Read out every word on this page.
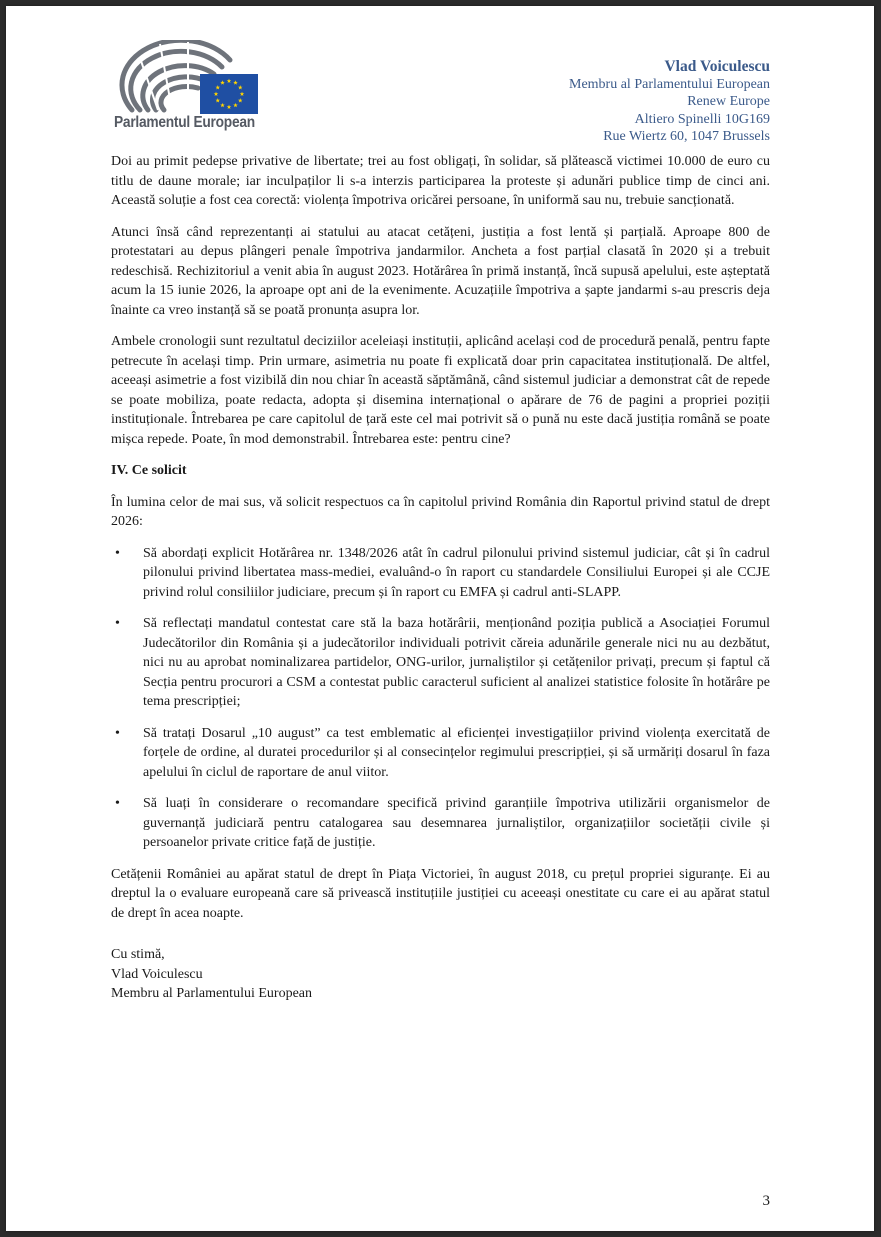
Parlamentul European
Vlad Voiculescu
Membru al Parlamentului European
Renew Europe
Altiero Spinelli 10G169
Rue Wiertz 60, 1047 Brussels

Doi au primit pedepse privative de libertate; trei au fost obligați, în solidar, să plătească victimei 10.000 de euro cu titlu de daune morale; iar inculpaților li s-a interzis participarea la proteste și adunări publice timp de cinci ani. Această soluție a fost cea corectă: violența împotriva oricărei persoane, în uniformă sau nu, trebuie sancționată.

Atunci însă când reprezentanți ai statului au atacat cetățeni, justiția a fost lentă și parțială. Aproape 800 de protestatari au depus plângeri penale împotriva jandarmilor. Ancheta a fost parțial clasată în 2020 și a trebuit redeschisă. Rechizitoriul a venit abia în august 2023. Hotărârea în primă instanță, încă supusă apelului, este așteptată acum la 15 iunie 2026, la aproape opt ani de la evenimente. Acuzațiile împotriva a șapte jandarmi s-au prescris deja înainte ca vreo instanță să se poată pronunța asupra lor.

Ambele cronologii sunt rezultatul deciziilor aceleiași instituții, aplicând același cod de procedură penală, pentru fapte petrecute în același timp. Prin urmare, asimetria nu poate fi explicată doar prin capacitatea instituțională. De altfel, aceeași asimetrie a fost vizibilă din nou chiar în această săptămână, când sistemul judiciar a demonstrat cât de repede se poate mobiliza, poate redacta, adopta și disemina internațional o apărare de 76 de pagini a propriei poziții instituționale. Întrebarea pe care capitolul de țară este cel mai potrivit să o pună nu este dacă justiția română se poate mișca repede. Poate, în mod demonstrabil. Întrebarea este: pentru cine?

IV. Ce solicit

În lumina celor de mai sus, vă solicit respectuos ca în capitolul privind România din Raportul privind statul de drept 2026:

• Să abordați explicit Hotărârea nr. 1348/2026 atât în cadrul pilonului privind sistemul judiciar, cât și în cadrul pilonului privind libertatea mass-mediei, evaluând-o în raport cu standardele Consiliului Europei și ale CCJE privind rolul consiliilor judiciare, precum și în raport cu EMFA și cadrul anti-SLAPP.
• Să reflectați mandatul contestat care stă la baza hotărârii, menționând poziția publică a Asociației Forumul Judecătorilor din România și a judecătorilor individuali potrivit căreia adunările generale nici nu au dezbătut, nici nu au aprobat nominalizarea partidelor, ONG-urilor, jurnaliștilor și cetățenilor privați, precum și faptul că Secția pentru procurori a CSM a contestat public caracterul suficient al analizei statistice folosite în hotărâre pe tema prescripției;
• Să tratați Dosarul „10 august” ca test emblematic al eficienței investigațiilor privind violența exercitată de forțele de ordine, al duratei procedurilor și al consecințelor regimului prescripției, și să urmăriți dosarul în faza apelului în ciclul de raportare de anul viitor.
• Să luați în considerare o recomandare specifică privind garanțiile împotriva utilizării organismelor de guvernanță judiciară pentru catalogarea sau desemnarea jurnaliștilor, organizațiilor societății civile și persoanelor private critice față de justiție.

Cetățenii României au apărat statul de drept în Piața Victoriei, în august 2018, cu prețul propriei siguranțe. Ei au dreptul la o evaluare europeană care să privească instituțiile justiției cu aceeași onestitate cu care ei au apărat statul de drept în acea noapte.

Cu stimă,
Vlad Voiculescu
Membru al Parlamentului European
3
